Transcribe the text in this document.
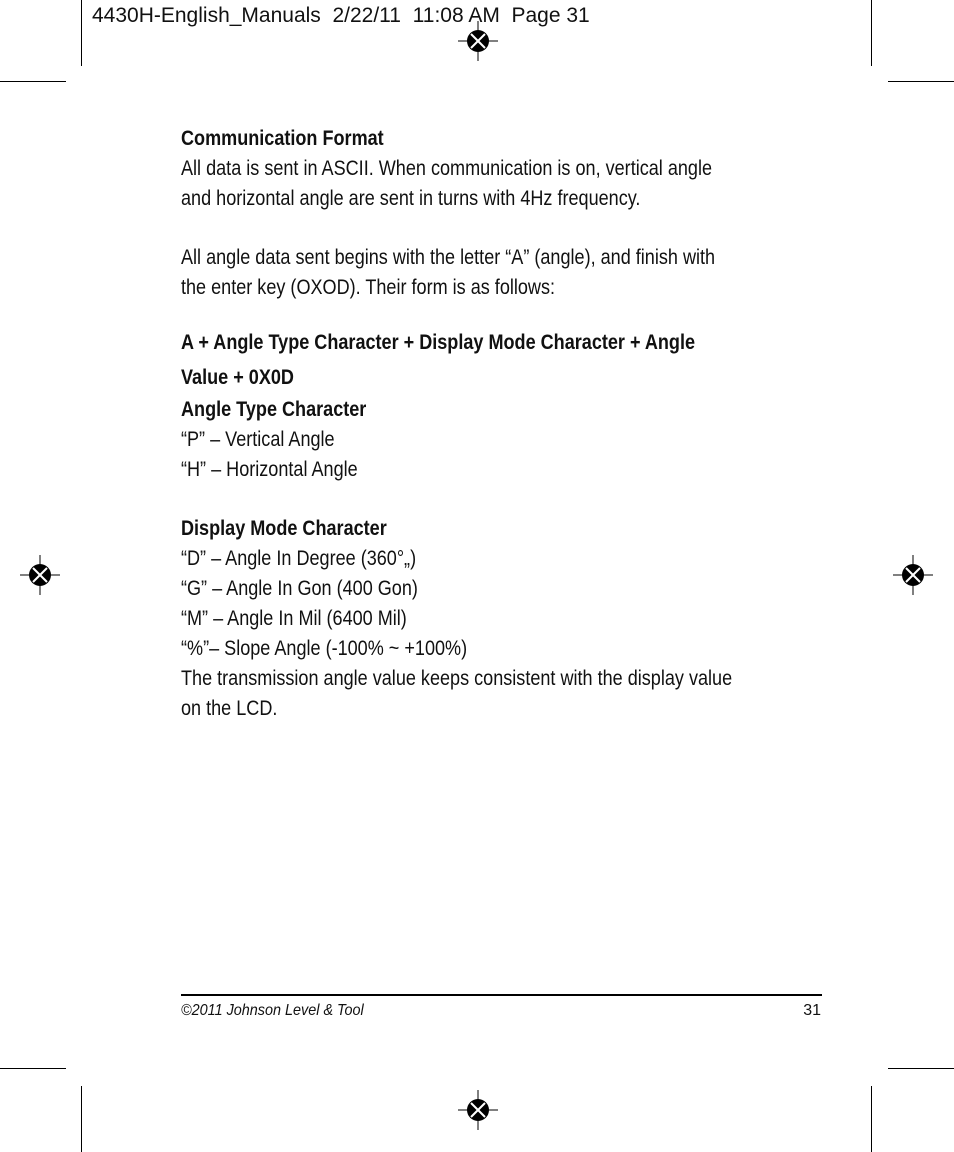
4430H-English_Manuals  2/22/11  11:08 AM  Page 31
Communication Format
All data is sent in ASCII. When communication is on, vertical angle
and horizontal angle are sent in turns with 4Hz frequency.
All angle data sent begins with the letter “A” (angle), and finish with
the enter key (OXOD). Their form is as follows:
A + Angle Type Character + Display Mode Character + Angle
Value + 0X0D
Angle Type Character
“P” – Vertical Angle
“H” – Horizontal Angle
Display Mode Character
“D” – Angle In Degree (360°„)
“G” – Angle In Gon (400 Gon)
“M” – Angle In Mil (6400 Mil)
“%”– Slope Angle (-100% ~ +100%)
The transmission angle value keeps consistent with the display value
on the LCD.
©2011 Johnson Level & Tool	31
